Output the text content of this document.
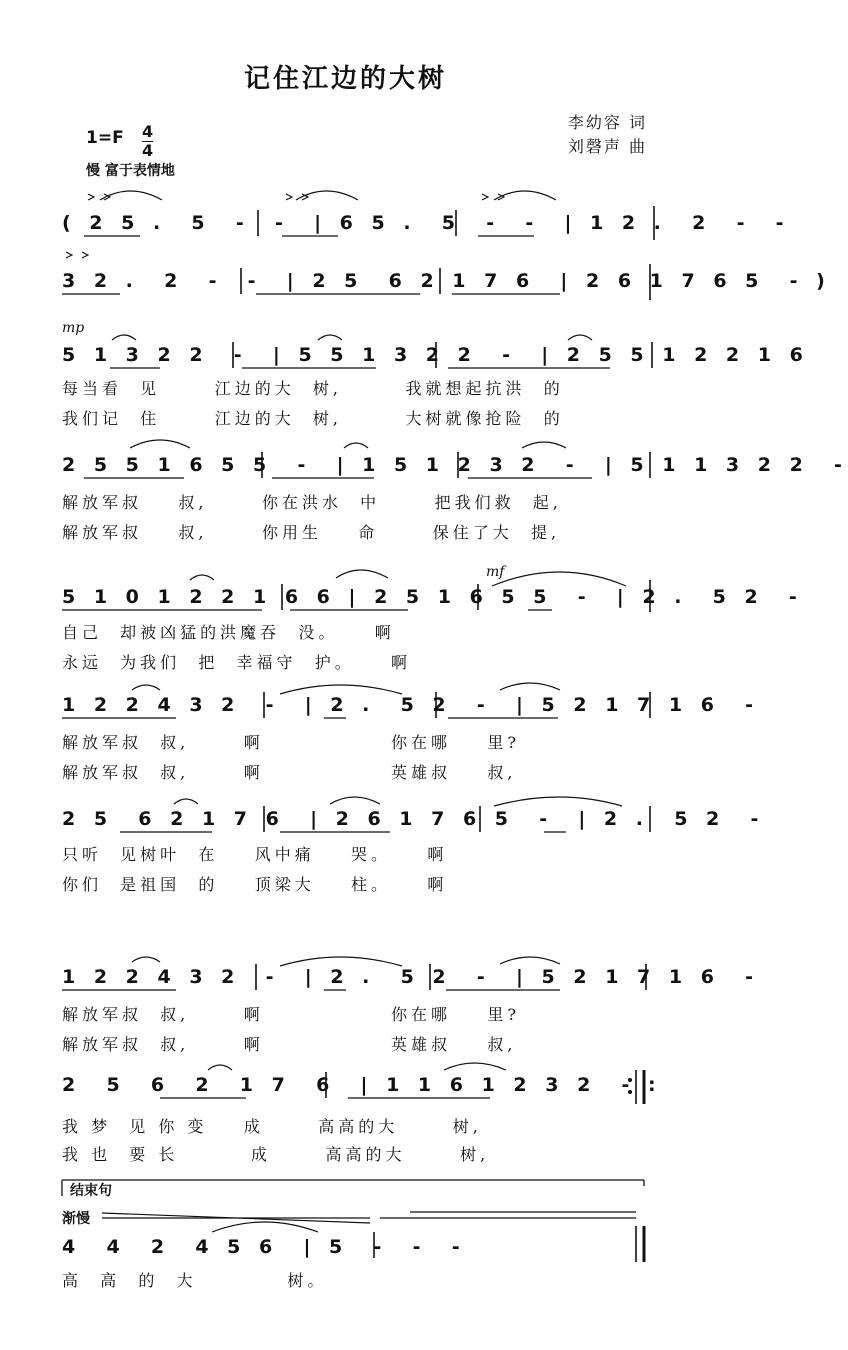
记住江边的大树
李幼容 词
刘磬声 曲
1=F 4
4
慢 富于表情地
mp
mf
( 2 5 .  5  -  -  | 6 5 .  5  -  -  | 1 2 .  2  -  -
3 2 .  2  -  -  | 2 5  6 2 1 7 6  | 2 6 1 7 6 5  - )
5 1 3 2 2  -  | 5 5 1 3 2 2  -  | 2 5 5 1 2 2 1 6
每当看  见      江边的大  树,       我就想起抗洪  的
我们记  住      江边的大  树,       大树就像抢险  的
2 5 5 1 6 5 5  -  | 1 5 1 2 3 2  -  | 5 1 1 3 2 2  -
解放军叔    叔,      你在洪水  中      把我们救  起,
解放军叔    叔,      你用生    命      保住了大  提,
5 1 0 1 2 2 1 6 6 | 2 5 1 6 5 5  -  | 2 .  5 2  -
自己  却被凶猛的洪魔吞  没。    啊
永远  为我们  把  幸福守  护。    啊
1 2 2 4 3 2  -  | 2 .  5 2  -  | 5 2 1 7 1 6  -
解放军叔  叔,      啊              你在哪    里?
解放军叔  叔,      啊              英雄叔    叔,
2 5  6 2 1 7 6  | 2 6 1 7 6 5  -  | 2 .  5 2  -
只听  见树叶  在    风中痛    哭。    啊
你们  是祖国  的    顶梁大    柱。    啊
1 2 2 4 3 2  -  | 2 .  5 2  -  | 5 2 1 7 1 6  -
解放军叔  叔,      啊              你在哪    里?
解放军叔  叔,      啊              英雄叔    叔,
2  5  6  2  1 7  6  | 1 1 6 1 2 3 2  - :
我 梦  见 你 变    成      高高的大      树,
我 也  要 长        成      高高的大      树,
结束句
渐慢
4  4  2  4 5 6  | 5  -  -  -
高  高  的  大          树。
